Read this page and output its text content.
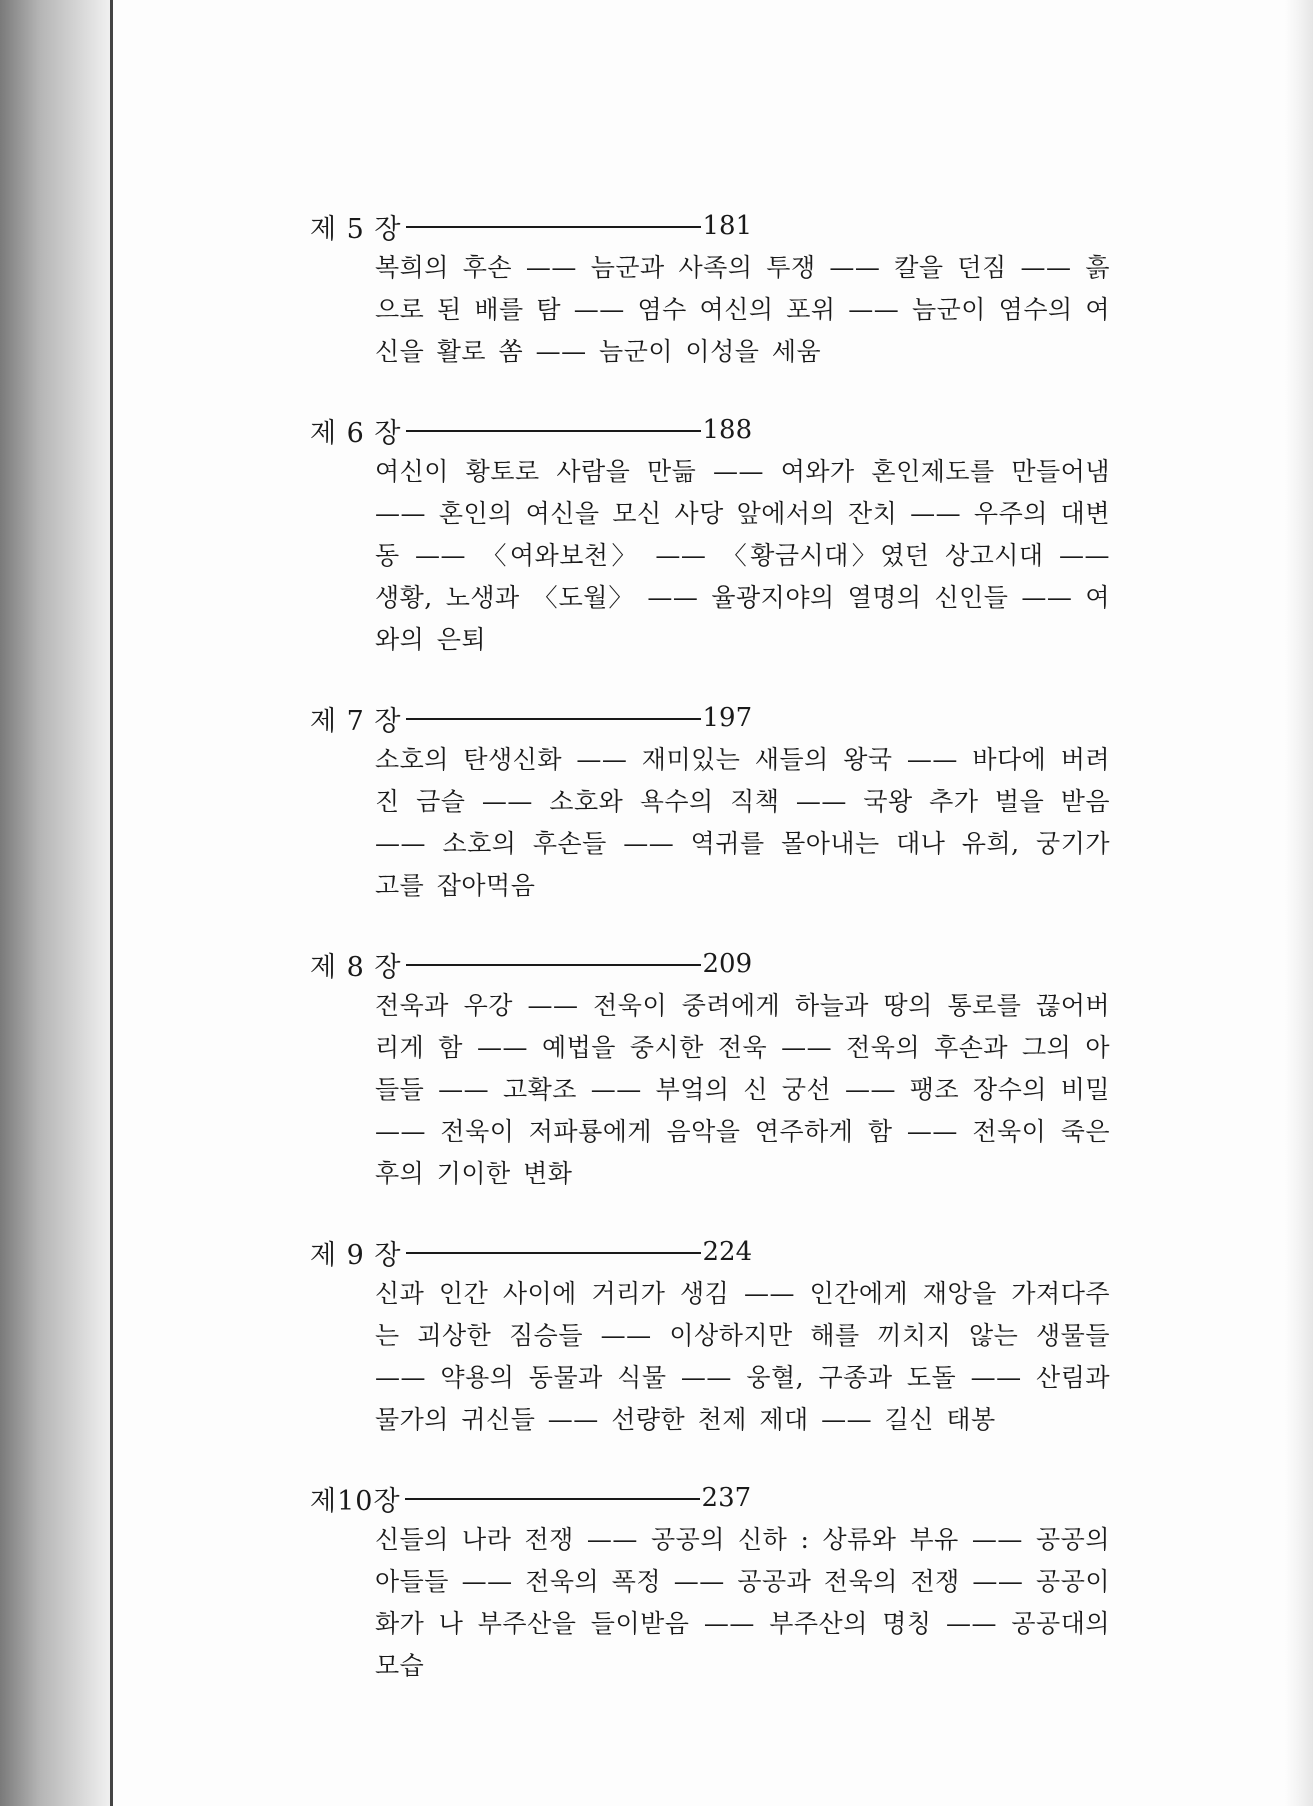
제 5 장	181
복희의 후손 —— 늠군과 사족의 투쟁 —— 칼을 던짐 —— 흙으로 된 배를 탐 —— 염수 여신의 포위 —— 늠군이 염수의 여신을 활로 쏨 —— 늠군이 이성을 세움
제 6 장	188
여신이 황토로 사람을 만듦 —— 여와가 혼인제도를 만들어냄 —— 혼인의 여신을 모신 사당 앞에서의 잔치 —— 우주의 대변동 —— 〈여와보천〉 —— 〈황금시대〉였던 상고시대 —— 생황, 노생과 〈도월〉 —— 율광지야의 열명의 신인들 —— 여와의 은퇴
제 7 장	197
소호의 탄생신화 —— 재미있는 새들의 왕국 —— 바다에 버려진 금슬 —— 소호와 욕수의 직책 —— 국왕 추가 벌을 받음 —— 소호의 후손들 —— 역귀를 몰아내는 대나 유희, 궁기가 고를 잡아먹음
제 8 장	209
전욱과 우강 —— 전욱이 중려에게 하늘과 땅의 통로를 끊어버리게 함 —— 예법을 중시한 전욱 —— 전욱의 후손과 그의 아들들 —— 고확조 —— 부엌의 신 궁선 —— 팽조 장수의 비밀 —— 전욱이 저파룡에게 음악을 연주하게 함 —— 전욱이 죽은 후의 기이한 변화
제 9 장	224
신과 인간 사이에 거리가 생김 —— 인간에게 재앙을 가져다주는 괴상한 짐승들 —— 이상하지만 해를 끼치지 않는 생물들 —— 약용의 동물과 식물 —— 웅혈, 구종과 도돌 —— 산림과 물가의 귀신들 —— 선량한 천제 제대 —— 길신 태봉
제10장	237
신들의 나라 전쟁 —— 공공의 신하 : 상류와 부유 —— 공공의 아들들 —— 전욱의 폭정 —— 공공과 전욱의 전쟁 —— 공공이 화가 나 부주산을 들이받음 —— 부주산의 명칭 —— 공공대의 모습
